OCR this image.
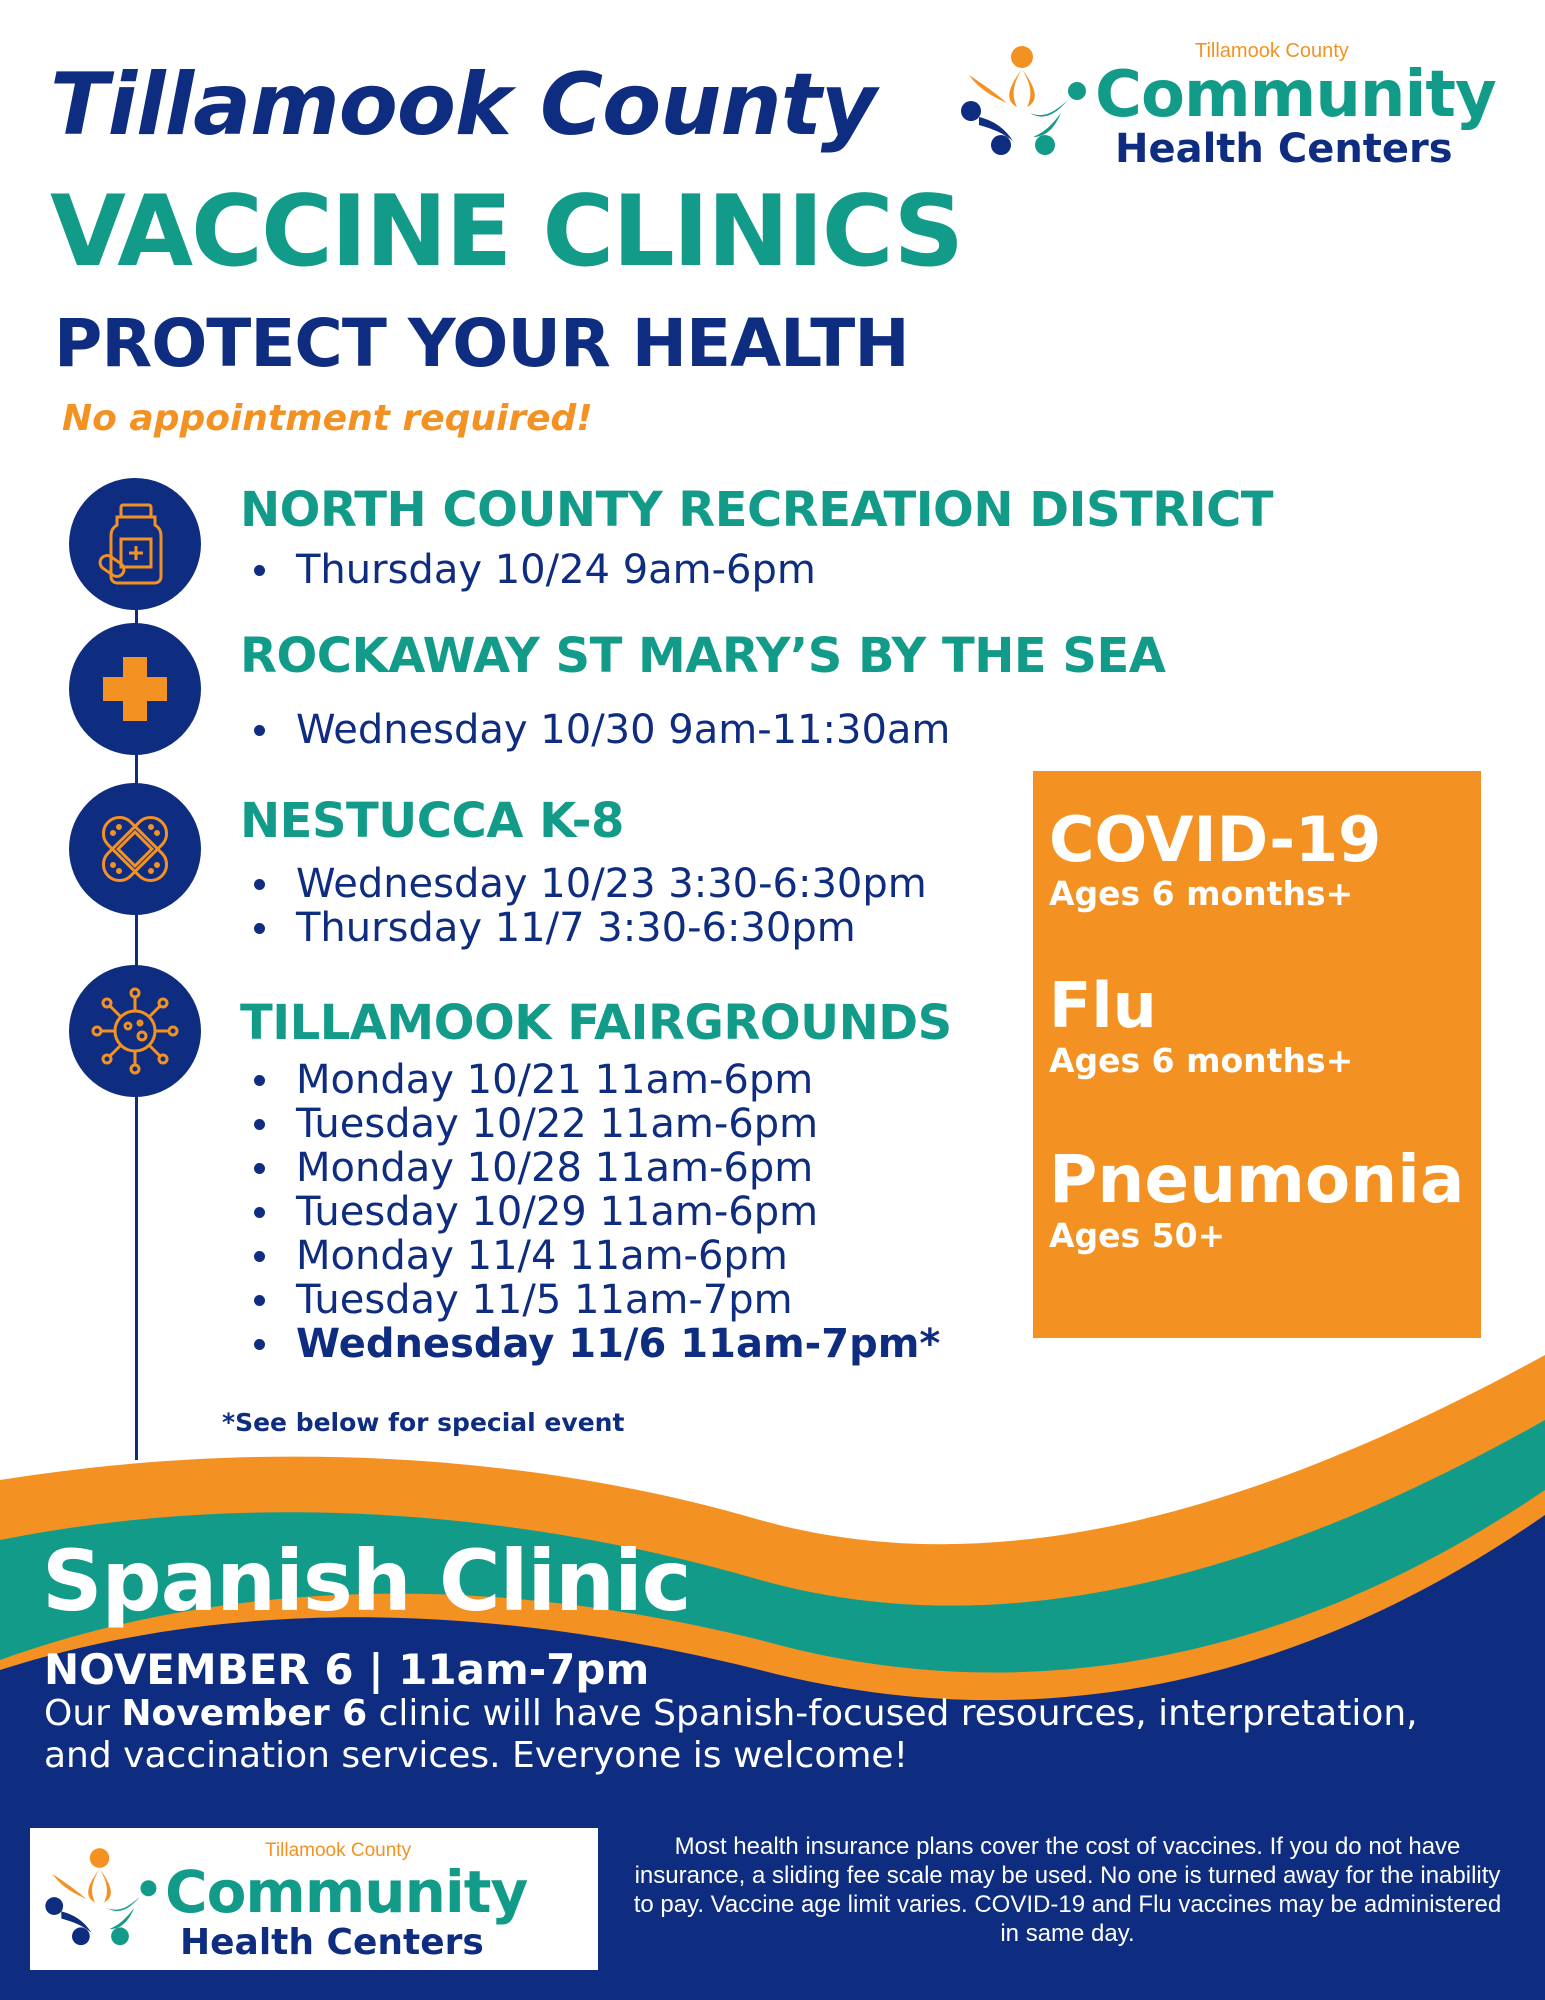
Tillamook County
VACCINE CLINICS
PROTECT YOUR HEALTH
No appointment required!
Tillamook County
Community
Health Centers
NORTH COUNTY RECREATION DISTRICT
Thursday 10/24 9am-6pm
ROCKAWAY ST MARY’S BY THE SEA
Wednesday 10/30 9am-11:30am
NESTUCCA K-8
Wednesday 10/23 3:30-6:30pm
Thursday 11/7 3:30-6:30pm
TILLAMOOK FAIRGROUNDS
Monday 10/21 11am-6pm
Tuesday 10/22 11am-6pm
Monday 10/28 11am-6pm
Tuesday 10/29 11am-6pm
Monday 11/4 11am-6pm
Tuesday 11/5 11am-7pm
Wednesday 11/6 11am-7pm*
*See below for special event
COVID-19
Ages 6 months+
Flu
Ages 6 months+
Pneumonia
Ages 50+
Spanish Clinic
NOVEMBER 6 | 11am-7pm
Our November 6 clinic will have Spanish-focused resources, interpretation, and vaccination services. Everyone is welcome!
Tillamook County
Community
Health Centers
Most health insurance plans cover the cost of vaccines. If you do not have insurance, a sliding fee scale may be used. No one is turned away for the inability to pay. Vaccine age limit varies. COVID-19 and Flu vaccines may be administered in same day.
